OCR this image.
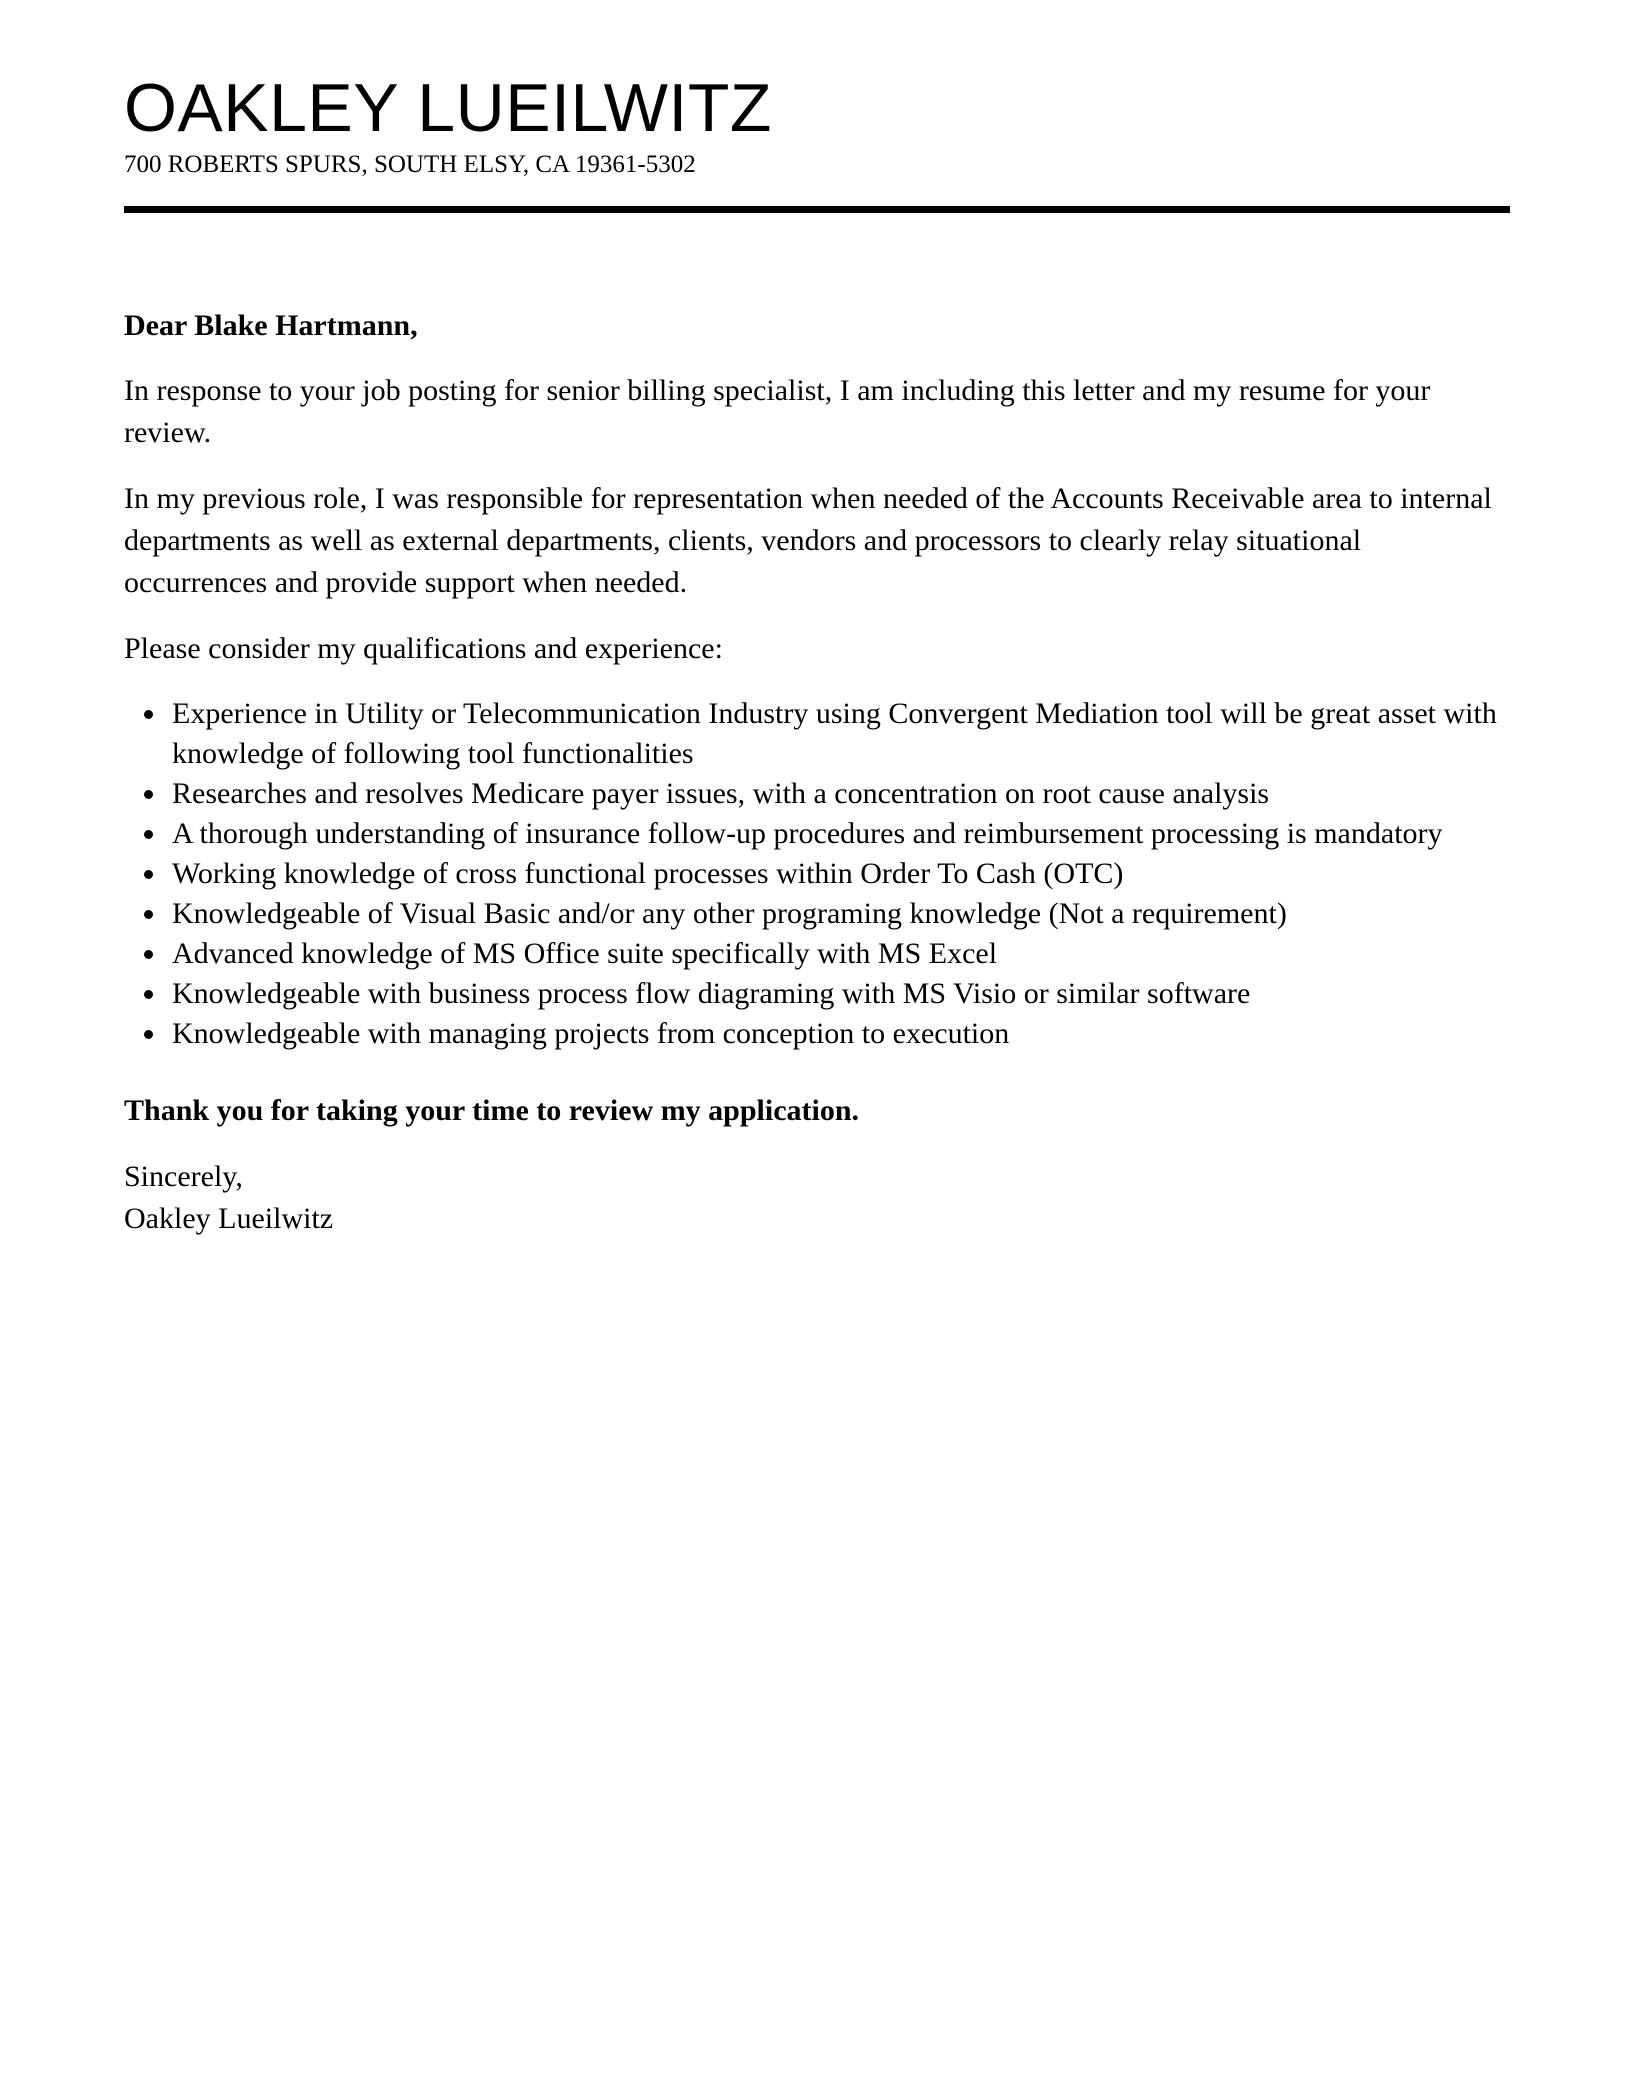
OAKLEY LUEILWITZ
700 ROBERTS SPURS, SOUTH ELSY, CA 19361-5302

Dear Blake Hartmann,

In response to your job posting for senior billing specialist, I am including this letter and my resume for your review.

In my previous role, I was responsible for representation when needed of the Accounts Receivable area to internal departments as well as external departments, clients, vendors and processors to clearly relay situational occurrences and provide support when needed.

Please consider my qualifications and experience:

Experience in Utility or Telecommunication Industry using Convergent Mediation tool will be great asset with knowledge of following tool functionalities
Researches and resolves Medicare payer issues, with a concentration on root cause analysis
A thorough understanding of insurance follow-up procedures and reimbursement processing is mandatory
Working knowledge of cross functional processes within Order To Cash (OTC)
Knowledgeable of Visual Basic and/or any other programing knowledge (Not a requirement)
Advanced knowledge of MS Office suite specifically with MS Excel
Knowledgeable with business process flow diagraming with MS Visio or similar software
Knowledgeable with managing projects from conception to execution

Thank you for taking your time to review my application.

Sincerely,

Oakley Lueilwitz
